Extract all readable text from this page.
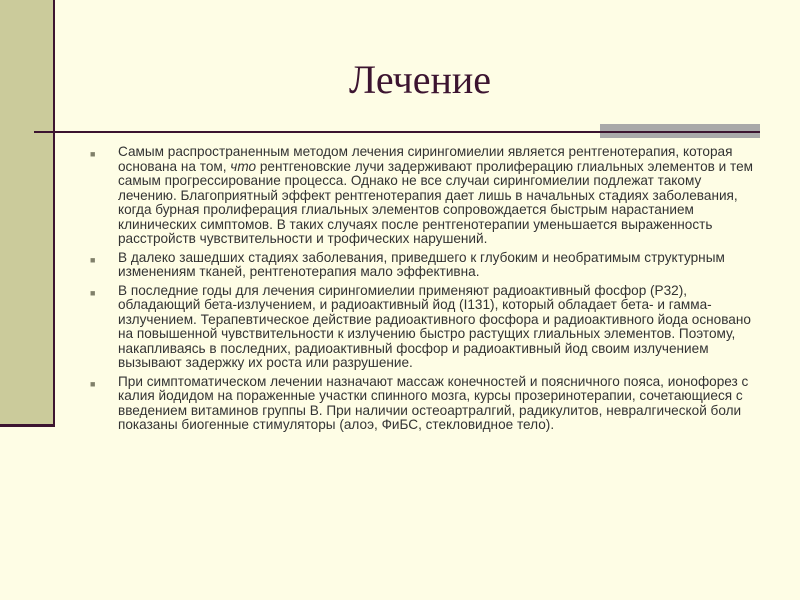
Лечение
■ Самым распространенным методом лечения сирингомиелии является рентгенотерапия, которая основана на том, что рентгеновские лучи задерживают пролиферацию глиальных элементов и тем самым прогрессирование процесса. Однако не все случаи сирингомиелии подлежат такому лечению. Благоприятный эффект рентгенотерапия дает лишь в начальных стадиях заболевания, когда бурная пролиферация глиальных элементов сопровождается быстрым нарастанием клинических симптомов. В таких случаях после рентгенотерапии уменьшается выраженность расстройств чувствительности и трофических нарушений.
■ В далеко зашедших стадиях заболевания, приведшего к глубоким и необратимым структурным изменениям тканей, рентгенотерапия мало эффективна.
■ В последние годы для лечения сирингомиелии применяют радиоактивный фосфор (Р32), обладающий бета-излучением, и радиоактивный йод (I131), который обладает бета- и гамма-излучением. Терапевтическое действие радиоактивного фосфора и радиоактивного йода основано на повышенной чувствительности к излучению быстро растущих глиальных элементов. Поэтому, накапливаясь в последних, радиоактивный фосфор и радиоактивный йод своим излучением вызывают задержку их роста или разрушение.
■ При симптоматическом лечении назначают массаж конечностей и поясничного пояса, ионофорез с калия йодидом на пораженные участки спинного мозга, курсы прозеринотерапии, сочетающиеся с введением витаминов группы В. При наличии остеоартралгий, радикулитов, невралгической боли показаны биогенные стимуляторы (алоэ, ФиБС, стекловидное тело).
